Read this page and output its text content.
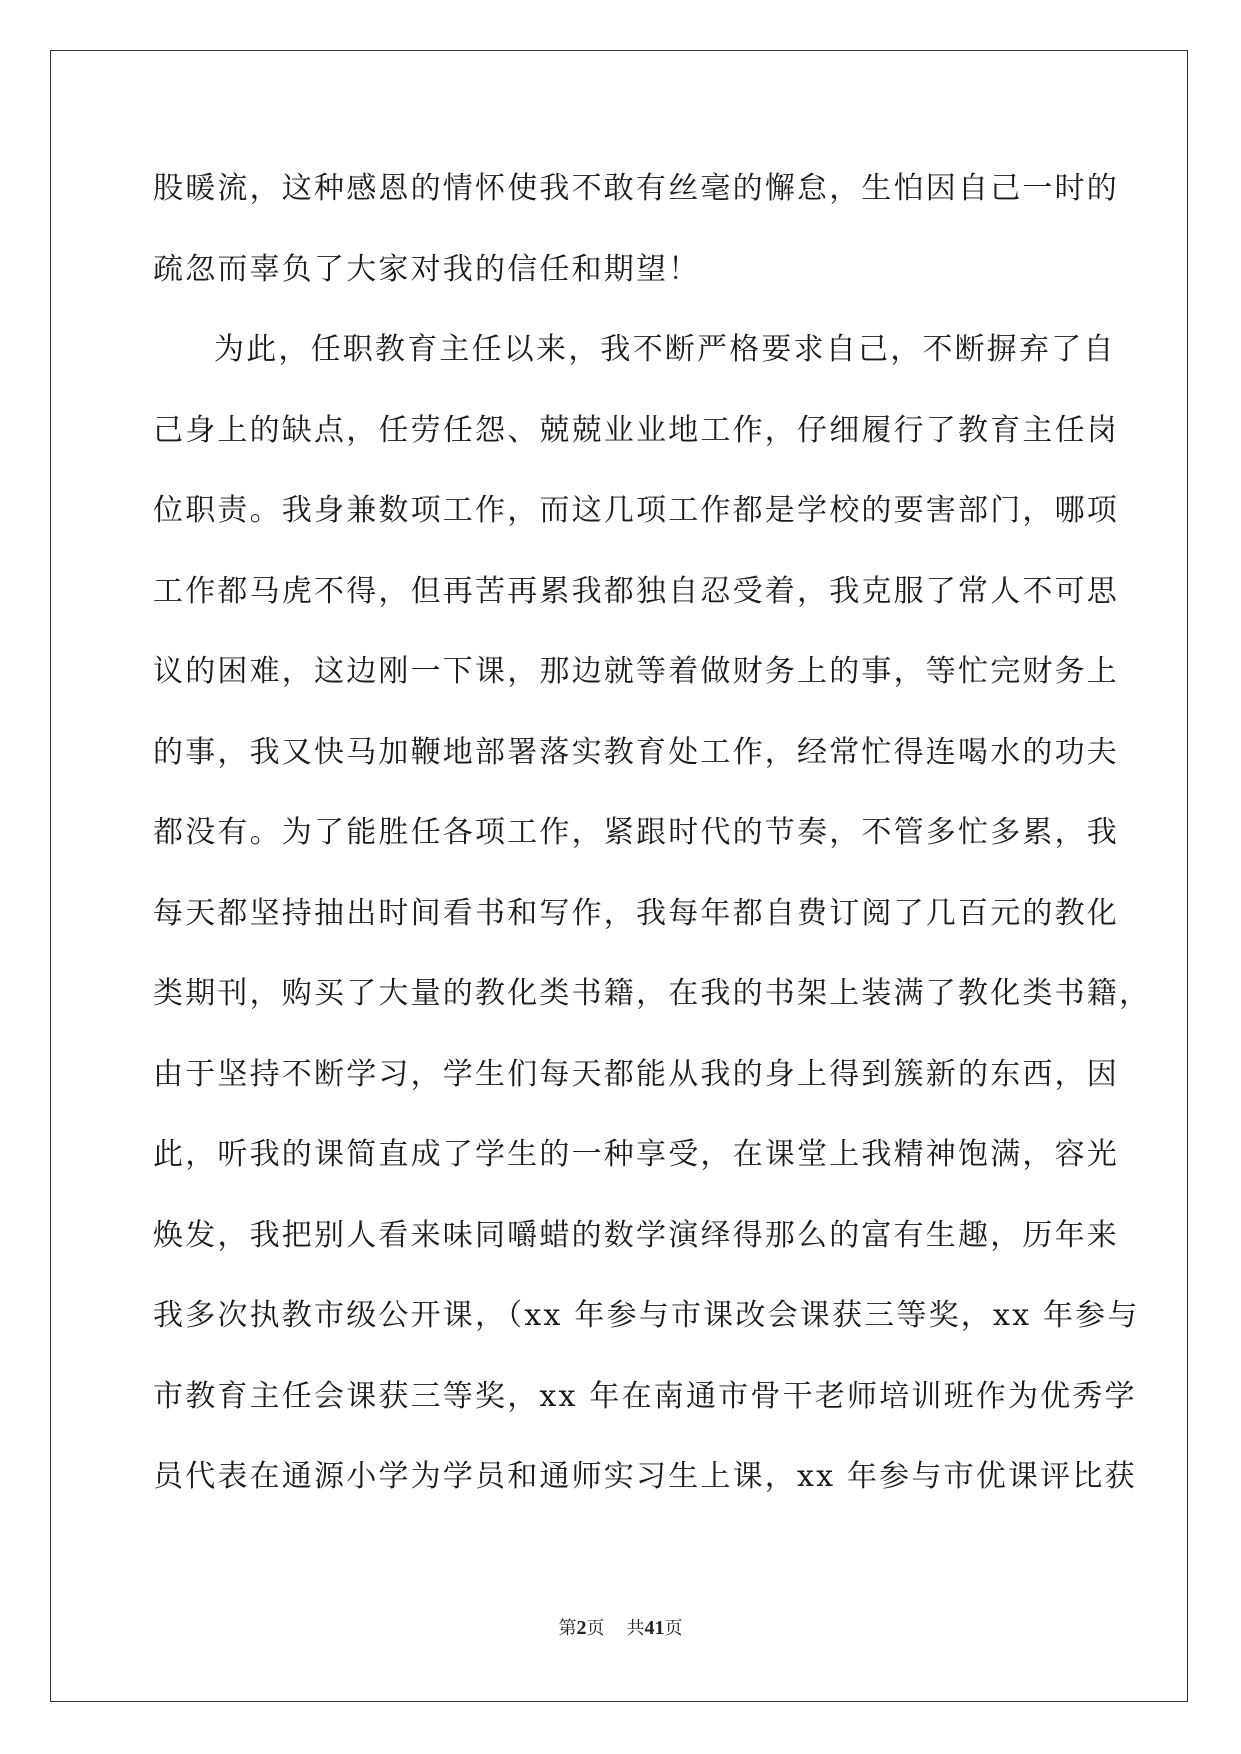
股暖流，这种感恩的情怀使我不敢有丝毫的懈怠，生怕因自己一时的
疏忽而辜负了大家对我的信任和期望！
为此，任职教育主任以来，我不断严格要求自己，不断摒弃了自
己身上的缺点，任劳任怨、兢兢业业地工作，仔细履行了教育主任岗
位职责。我身兼数项工作，而这几项工作都是学校的要害部门，哪项
工作都马虎不得，但再苦再累我都独自忍受着，我克服了常人不可思
议的困难，这边刚一下课，那边就等着做财务上的事，等忙完财务上
的事，我又快马加鞭地部署落实教育处工作，经常忙得连喝水的功夫
都没有。为了能胜任各项工作，紧跟时代的节奏，不管多忙多累，我
每天都坚持抽出时间看书和写作，我每年都自费订阅了几百元的教化
类期刊，购买了大量的教化类书籍，在我的书架上装满了教化类书籍，
由于坚持不断学习，学生们每天都能从我的身上得到簇新的东西，因
此，听我的课简直成了学生的一种享受，在课堂上我精神饱满，容光
焕发，我把别人看来味同嚼蜡的数学演绎得那么的富有生趣，历年来
我多次执教市级公开课，（xx 年参与市课改会课获三等奖，xx 年参与
市教育主任会课获三等奖，xx 年在南通市骨干老师培训班作为优秀学
员代表在通源小学为学员和通师实习生上课，xx 年参与市优课评比获
第2页 共41页
